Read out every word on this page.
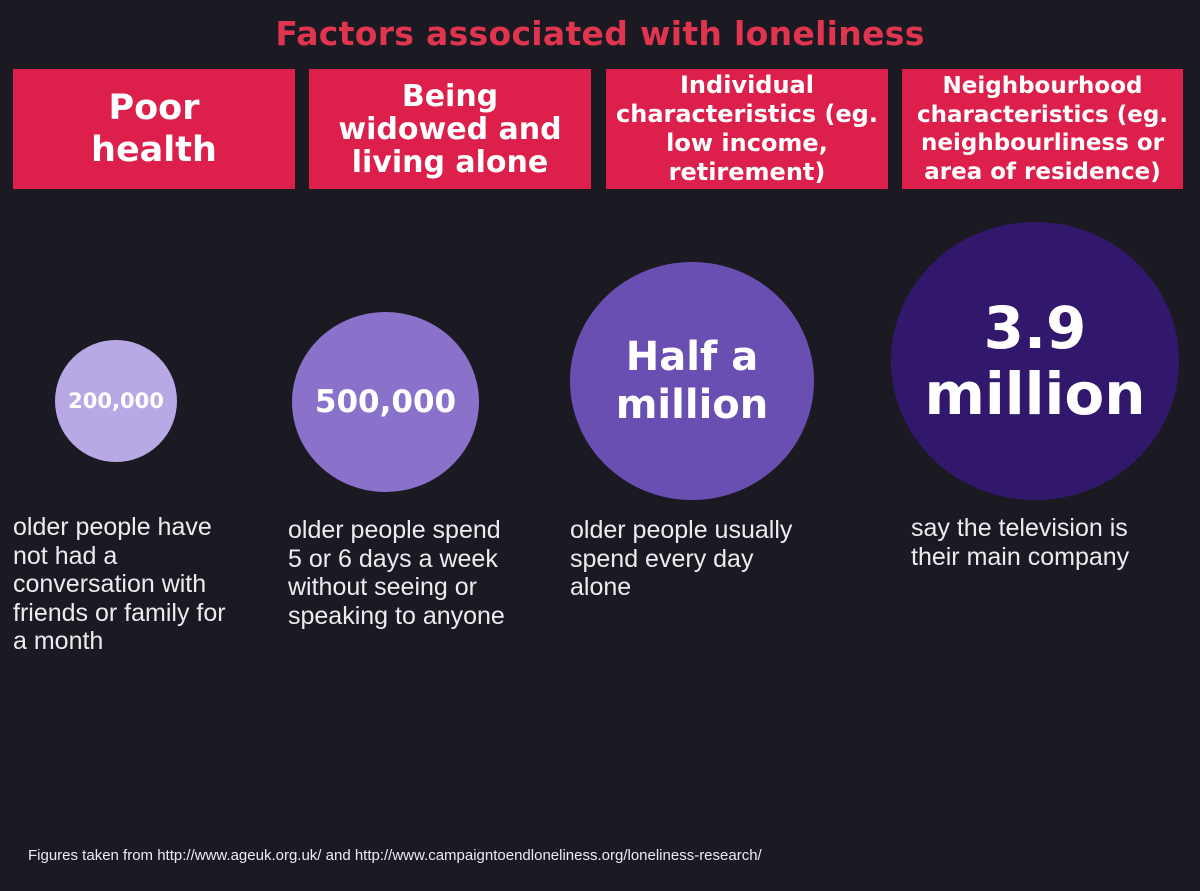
Factors associated with loneliness
Poor
health
Being
widowed and
living alone
Individual
characteristics (eg.
low income,
retirement)
Neighbourhood
characteristics (eg.
neighbourliness or
area of residence)
200,000	500,000
Half a
million
3.9
million
older people have
not had a
conversation with
friends or family for
a month
older people spend
5 or 6 days a week
without seeing or
speaking to anyone
older people usually
spend every day
alone
say the television is
their main company
Figures taken from http://www.ageuk.org.uk/ and http://www.campaigntoendloneliness.org/loneliness-research/
